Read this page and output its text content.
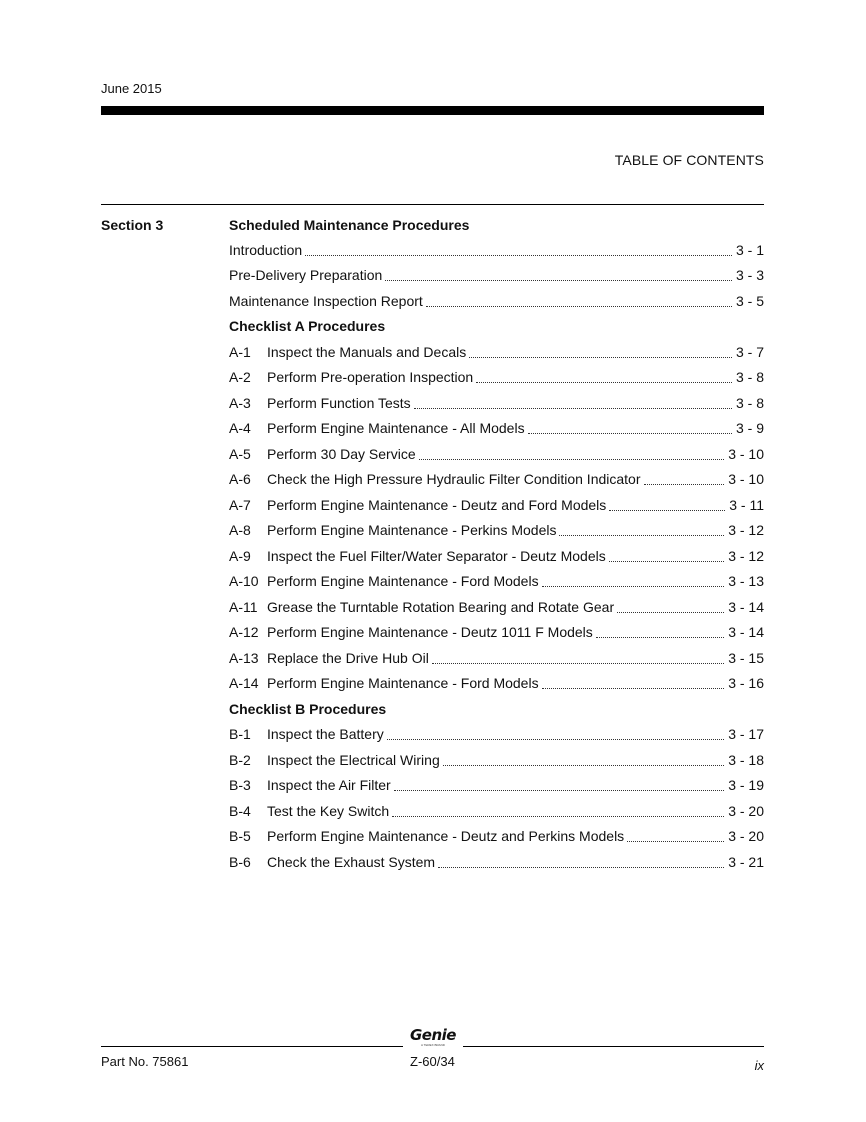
June 2015
TABLE OF CONTENTS
Section 3	Scheduled Maintenance Procedures
Introduction	3 - 1
Pre-Delivery Preparation	3 - 3
Maintenance Inspection Report	3 - 5
Checklist A Procedures
A-1	Inspect the Manuals and Decals	3 - 7
A-2	Perform Pre-operation Inspection	3 - 8
A-3	Perform Function Tests	3 - 8
A-4	Perform Engine Maintenance - All Models	3 - 9
A-5	Perform 30 Day Service	3 - 10
A-6	Check the High Pressure Hydraulic Filter Condition Indicator	3 - 10
A-7	Perform Engine Maintenance - Deutz and Ford Models	3 - 11
A-8	Perform Engine Maintenance - Perkins Models	3 - 12
A-9	Inspect the Fuel Filter/Water Separator - Deutz Models	3 - 12
A-10 Perform Engine Maintenance - Ford Models	3 - 13
A-11 Grease the Turntable Rotation Bearing and Rotate Gear	3 - 14
A-12 Perform Engine Maintenance - Deutz 1011 F Models	3 - 14
A-13 Replace the Drive Hub Oil	3 - 15
A-14 Perform Engine Maintenance - Ford Models	3 - 16
Checklist B Procedures
B-1	Inspect the Battery	3 - 17
B-2	Inspect the Electrical Wiring	3 - 18
B-3	Inspect the Air Filter	3 - 19
B-4	Test the Key Switch	3 - 20
B-5	Perform Engine Maintenance - Deutz and Perkins Models	3 - 20
B-6	Check the Exhaust System	3 - 21
Genie
A TEREX BRAND
Part No. 75861	Z-60/34	ix
